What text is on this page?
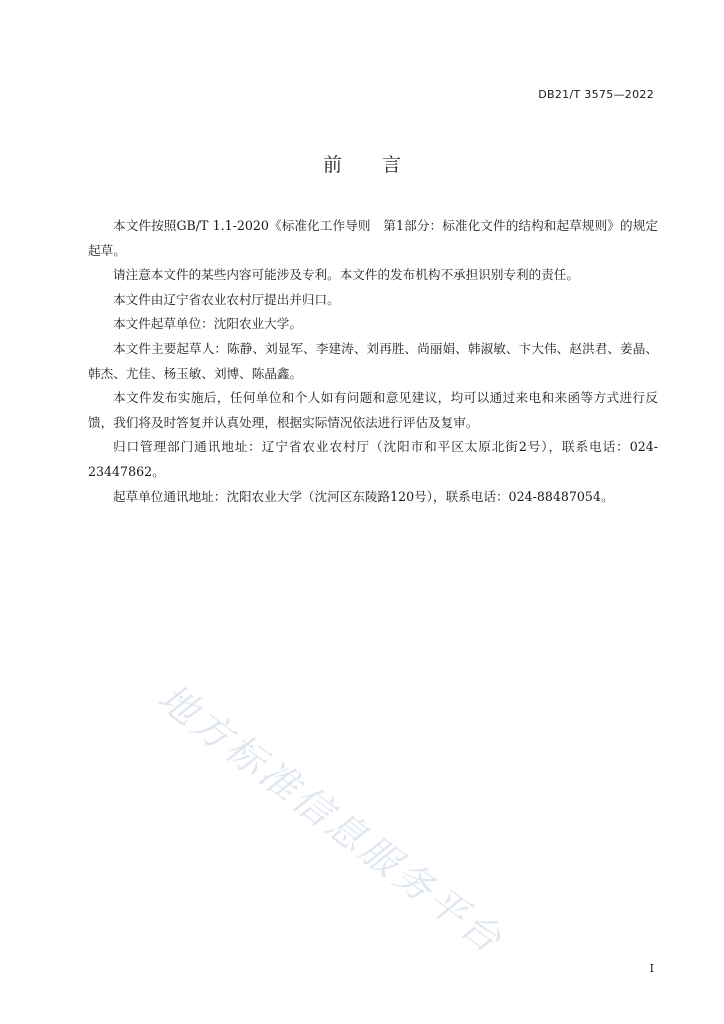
DB21/T 3575—2022
前言

本文件按照GB/T 1.1-2020《标准化工作导则　第1部分：标准化文件的结构和起草规则》的规定起草。

请注意本文件的某些内容可能涉及专利。本文件的发布机构不承担识别专利的责任。

本文件由辽宁省农业农村厅提出并归口。

本文件起草单位：沈阳农业大学。

本文件主要起草人：陈静、刘显军、李建涛、刘再胜、尚丽娟、韩淑敏、卞大伟、赵洪君、姜晶、韩杰、尤佳、杨玉敏、刘博、陈晶鑫。

本文件发布实施后，任何单位和个人如有问题和意见建议，均可以通过来电和来函等方式进行反馈，我们将及时答复并认真处理，根据实际情况依法进行评估及复审。

归口管理部门通讯地址：辽宁省农业农村厅（沈阳市和平区太原北街2号），联系电话：024-23447862。

起草单位通讯地址：沈阳农业大学（沈河区东陵路120号），联系电话：024-88487054。

地方标准信息服务平台
I
